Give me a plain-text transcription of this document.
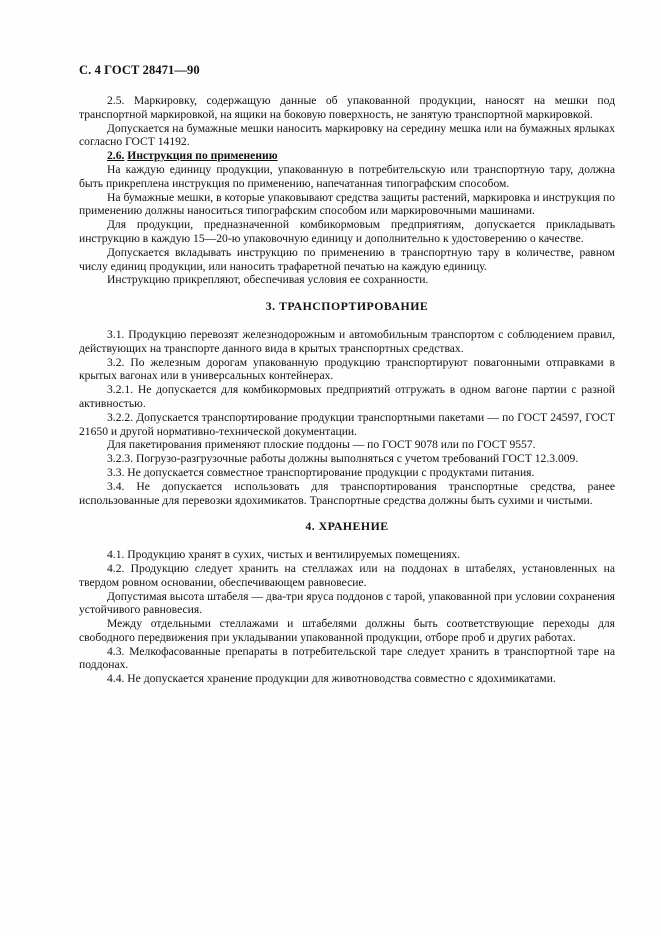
С. 4 ГОСТ 28471—90

2.5. Маркировку, содержащую данные об упакованной продукции, наносят на мешки под транспортной маркировкой, на ящики на боковую поверхность, не занятую транспортной маркировкой.

Допускается на бумажные мешки наносить маркировку на середину мешка или на бумажных ярлыках согласно ГОСТ 14192.

2.6. Инструкция по применению

На каждую единицу продукции, упакованную в потребительскую или транспортную тару, должна быть прикреплена инструкция по применению, напечатанная типографским способом.

На бумажные мешки, в которые упаковывают средства защиты растений, маркировка и инструкция по применению должны наноситься типографским способом или маркировочными машинами.

Для продукции, предназначенной комбикормовым предприятиям, допускается прикладывать инструкцию в каждую 15—20-ю упаковочную единицу и дополнительно к удостоверению о качестве.

Допускается вкладывать инструкцию по применению в транспортную тару в количестве, равном числу единиц продукции, или наносить трафаретной печатью на каждую единицу.

Инструкцию прикрепляют, обеспечивая условия ее сохранности.

3. ТРАНСПОРТИРОВАНИЕ

3.1. Продукцию перевозят железнодорожным и автомобильным транспортом с соблюдением правил, действующих на транспорте данного вида в крытых транспортных средствах.

3.2. По железным дорогам упакованную продукцию транспортируют повагонными отправками в крытых вагонах или в универсальных контейнерах.

3.2.1. Не допускается для комбикормовых предприятий отгружать в одном вагоне партии с разной активностью.

3.2.2. Допускается транспортирование продукции транспортными пакетами — по ГОСТ 24597, ГОСТ 21650 и другой нормативно-технической документации.

Для пакетирования применяют плоские поддоны — по ГОСТ 9078 или по ГОСТ 9557.

3.2.3. Погрузо-разгрузочные работы должны выполняться с учетом требований ГОСТ 12.3.009.

3.3. Не допускается совместное транспортирование продукции с продуктами питания.

3.4. Не допускается использовать для транспортирования транспортные средства, ранее использованные для перевозки ядохимикатов. Транспортные средства должны быть сухими и чистыми.

4. ХРАНЕНИЕ

4.1. Продукцию хранят в сухих, чистых и вентилируемых помещениях.

4.2. Продукцию следует хранить на стеллажах или на поддонах в штабелях, установленных на твердом ровном основании, обеспечивающем равновесие.

Допустимая высота штабеля — два-три яруса поддонов с тарой, упакованной при условии сохранения устойчивого равновесия.

Между отдельными стеллажами и штабелями должны быть соответствующие переходы для свободного передвижения при укладывании упакованной продукции, отборе проб и других работах.

4.3. Мелкофасованные препараты в потребительской таре следует хранить в транспортной таре на поддонах.

4.4. Не допускается хранение продукции для животноводства совместно с ядохимикатами.
